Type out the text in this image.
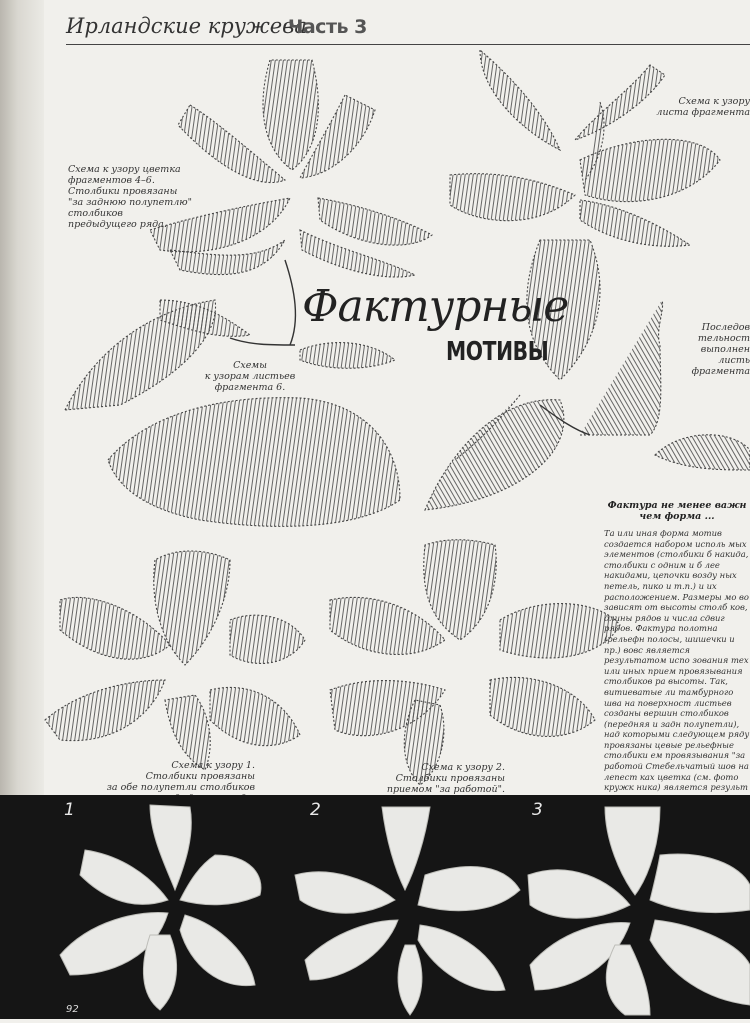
Ирландские кружева
Часть 3
Схема к узору цветка
фрагментов 4–6.
Столбики провязаны
"за заднюю полупетлю"
столбиков
предыдущего ряда.
Схема к узору
листа фрагмента
Схемы
к узорам листьев
фрагмента 6.
Последов
тельност
выполнен
листь
фрагмента
Схема к узору 1.
Столбики провязаны
за обе полупетли столбиков

Схема к узору 2.
Столбики провязаны
приемом "за работой".
Фактурные
МОТИВЫ
Фактура не менее важн
чем форма ...
Та или иная форма мотив создается набором исполь мых элементов (столбики б накида, столбики с одним и б лее накидами, цепочки возду ных петель, пико и т.п.) и их расположением. Размеры мо во зависят от высоты столб ков, длины рядов и числа сдвиг рядов. Фактура полотна (рельефн полосы, шишечки и пр.) вовс является результатом испо зования тех или иных прием провязывания столбиков ра высоты. Так, витиеватые ли тамбурного шва на поверхност листьев созданы вершин столбиков (передняя и задн полупетли), над которыми следующем ряду провязаны цевые рельефные столбики ем провязывания "за работой Стебельчатый шов на лепест ках цветка (см. фото кружк ника) является результ
1	2	3
92
